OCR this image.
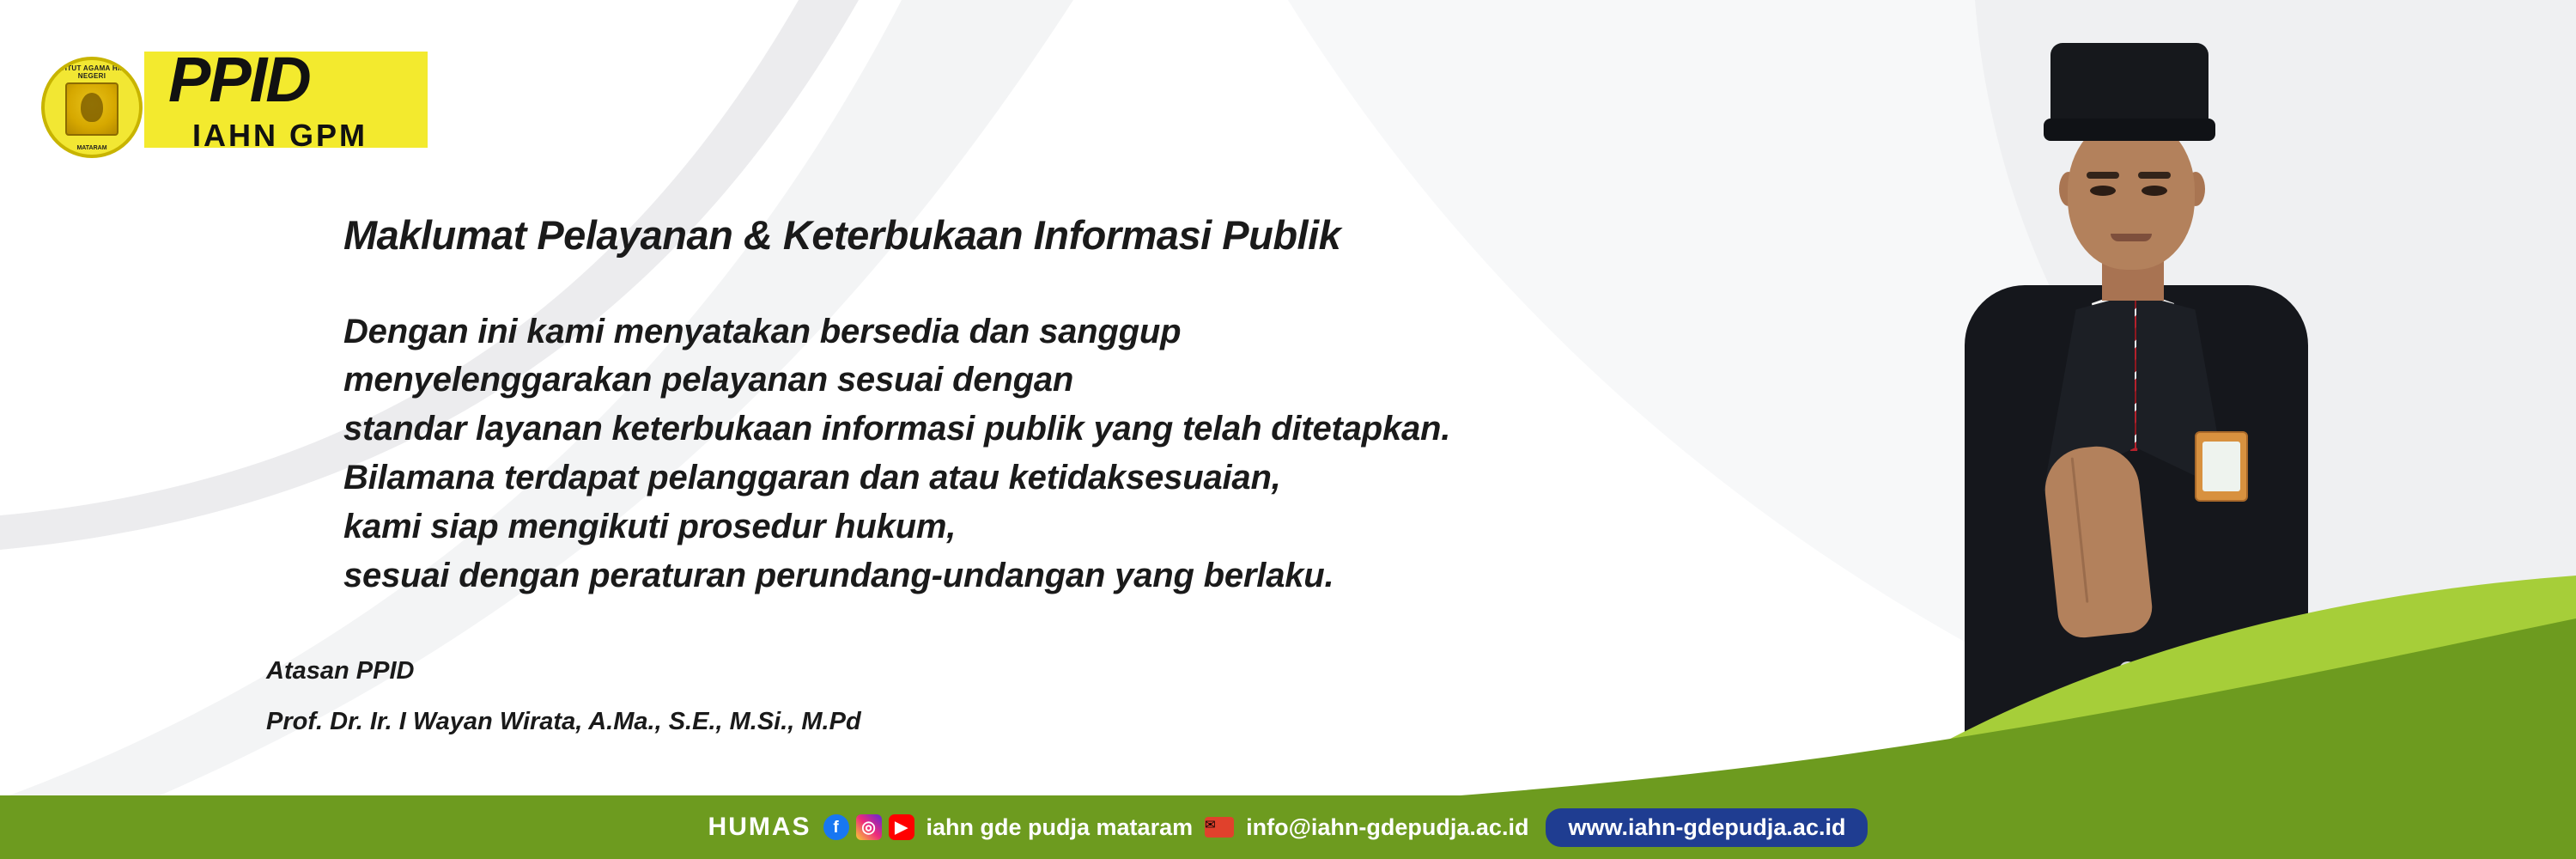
INSTITUT AGAMA HINDU NEGERI
MATARAM
PPID
IAHN GPM
Maklumat Pelayanan & Keterbukaan Informasi Publik
Dengan ini kami menyatakan bersedia dan sanggup
menyelenggarakan pelayanan sesuai dengan
standar layanan keterbukaan informasi publik yang telah ditetapkan.
Bilamana terdapat pelanggaran dan atau ketidaksesuaian,
kami siap mengikuti prosedur hukum,
sesuai dengan peraturan perundang-undangan yang berlaku.
Atasan PPID
Prof. Dr. Ir. I Wayan Wirata, A.Ma., S.E., M.Si., M.Pd
HUMAS	f	◎	▶ iahn gde pudja mataram ✉	info@iahn-gdepudja.ac.id	www.iahn-gdepudja.ac.id
